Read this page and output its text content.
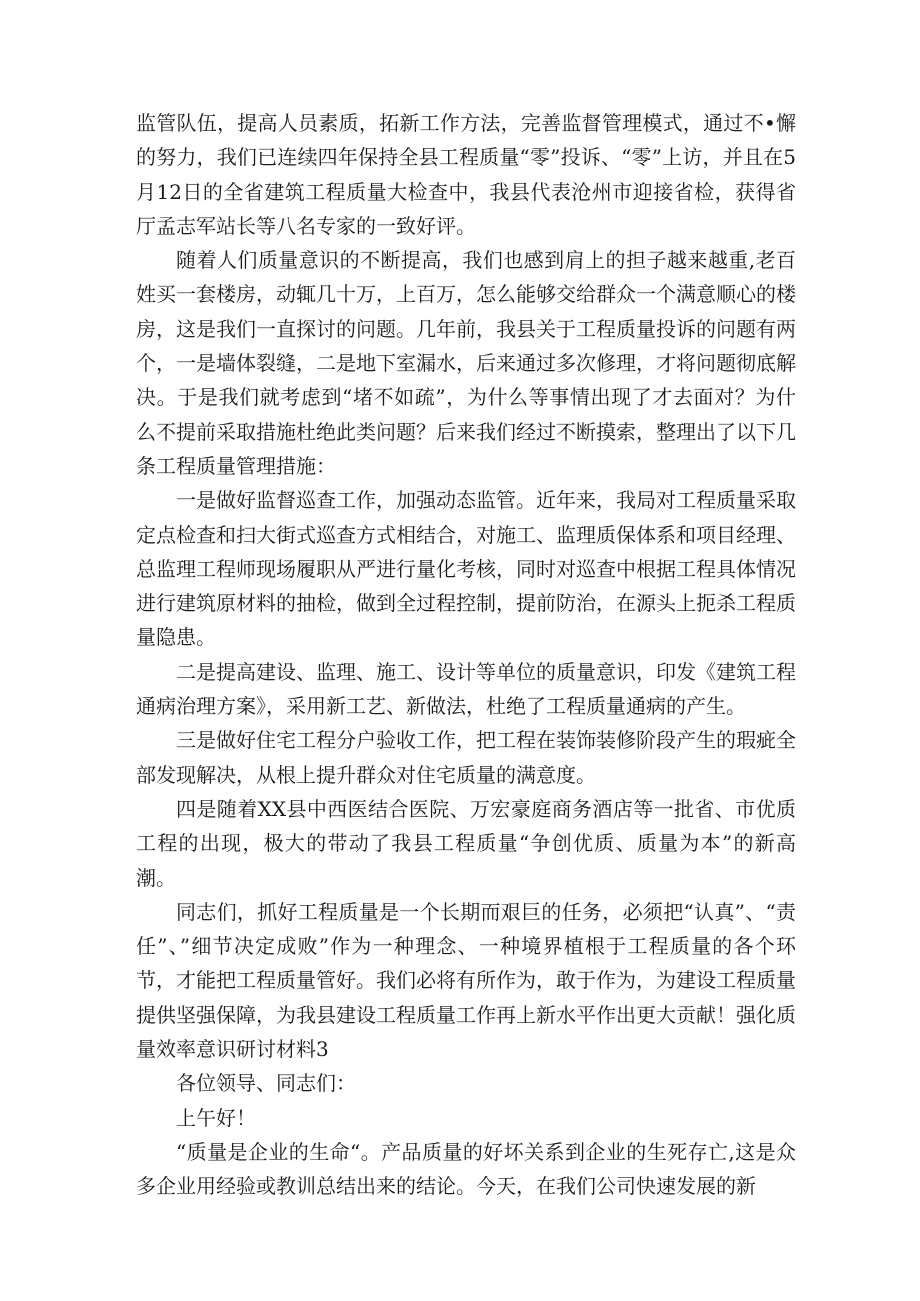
监管队伍，提高人员素质，拓新工作方法，完善监督管理模式，通过不•懈的努力，我们已连续四年保持全县工程质量“零”投诉、“零”上访，并且在5月12日的全省建筑工程质量大检查中，我县代表沧州市迎接省检，获得省厅孟志军站长等八名专家的一致好评。

随着人们质量意识的不断提高，我们也感到肩上的担子越来越重,老百姓买一套楼房，动辄几十万，上百万，怎么能够交给群众一个满意顺心的楼房，这是我们一直探讨的问题。几年前，我县关于工程质量投诉的问题有两个，一是墙体裂缝，二是地下室漏水，后来通过多次修理，才将问题彻底解决。于是我们就考虑到“堵不如疏”，为什么等事情出现了才去面对？为什么不提前采取措施杜绝此类问题？后来我们经过不断摸索，整理出了以下几条工程质量管理措施：

一是做好监督巡查工作，加强动态监管。近年来，我局对工程质量采取定点检查和扫大街式巡查方式相结合，对施工、监理质保体系和项目经理、总监理工程师现场履职从严进行量化考核，同时对巡查中根据工程具体情况进行建筑原材料的抽检，做到全过程控制，提前防治，在源头上扼杀工程质量隐患。

二是提高建设、监理、施工、设计等单位的质量意识，印发《建筑工程通病治理方案》，采用新工艺、新做法，杜绝了工程质量通病的产生。

三是做好住宅工程分户验收工作，把工程在装饰装修阶段产生的瑕疵全部发现解决，从根上提升群众对住宅质量的满意度。

四是随着XX县中西医结合医院、万宏豪庭商务酒店等一批省、市优质工程的出现，极大的带动了我县工程质量“争创优质、质量为本”的新高潮。

同志们，抓好工程质量是一个长期而艰巨的任务，必须把“认真”、“责任”、”细节决定成败”作为一种理念、一种境界植根于工程质量的各个环节，才能把工程质量管好。我们必将有所作为，敢于作为，为建设工程质量提供坚强保障，为我县建设工程质量工作再上新水平作出更大贡献！强化质量效率意识研讨材料3

各位领导、同志们：

上午好！

“质量是企业的生命“。产品质量的好坏关系到企业的生死存亡,这是众多企业用经验或教训总结出来的结论。今天，在我们公司快速发展的新
